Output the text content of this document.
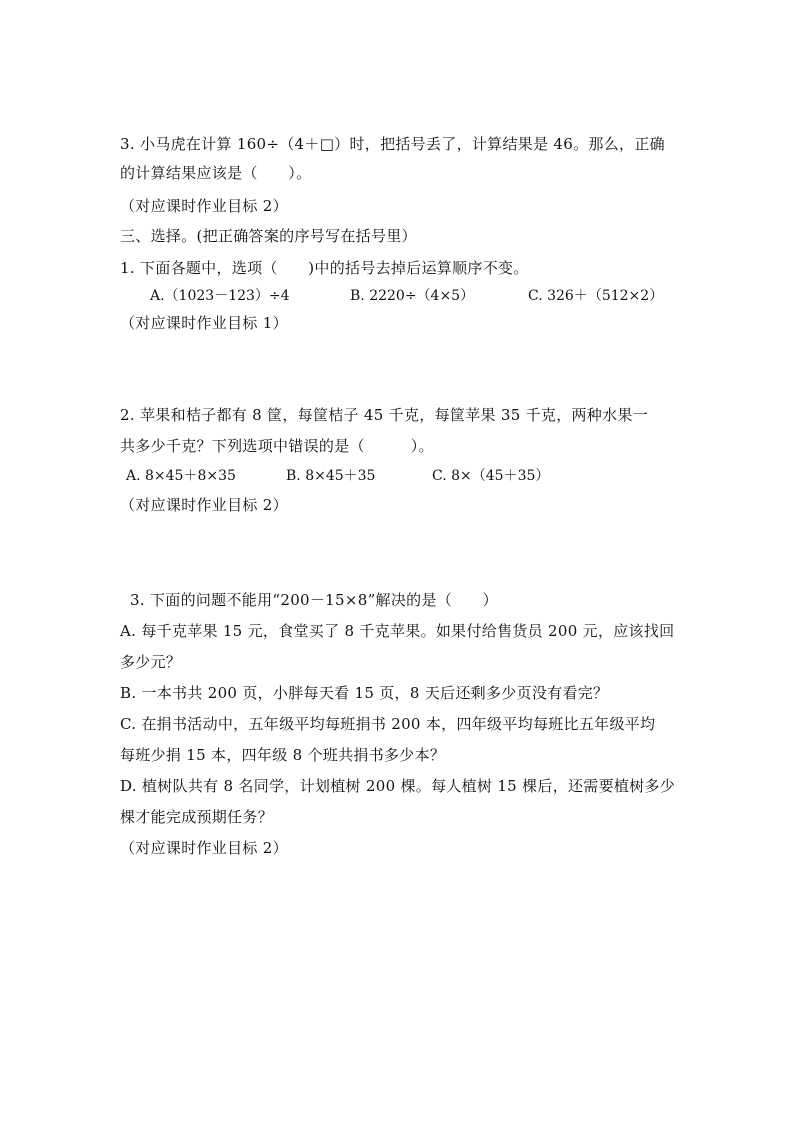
3. 小马虎在计算 160÷（4＋□）时，把括号丢了，计算结果是 46。那么，正确
的计算结果应该是（　　）。
（对应课时作业目标 2）
三、选择。(把正确答案的序号写在括号里）
1. 下面各题中，选项（　　)中的括号去掉后运算顺序不变。
A.（1023－123）÷4	B. 2220÷（4×5）	C. 326＋（512×2）
（对应课时作业目标 1）
2. 苹果和桔子都有 8 筐，每筐桔子 45 千克，每筐苹果 35 千克，两种水果一
共多少千克？下列选项中错误的是（　　　）。
A. 8×45＋8×35	B. 8×45＋35	C. 8×（45＋35）
（对应课时作业目标 2）
3. 下面的问题不能用“200－15×8”解决的是（　　）
A. 每千克苹果 15 元，食堂买了 8 千克苹果。如果付给售货员 200 元，应该找回
多少元？
B. 一本书共 200 页，小胖每天看 15 页，8 天后还剩多少页没有看完？
C. 在捐书活动中，五年级平均每班捐书 200 本，四年级平均每班比五年级平均
每班少捐 15 本，四年级 8 个班共捐书多少本？
D. 植树队共有 8 名同学，计划植树 200 棵。每人植树 15 棵后，还需要植树多少
棵才能完成预期任务？
（对应课时作业目标 2）
